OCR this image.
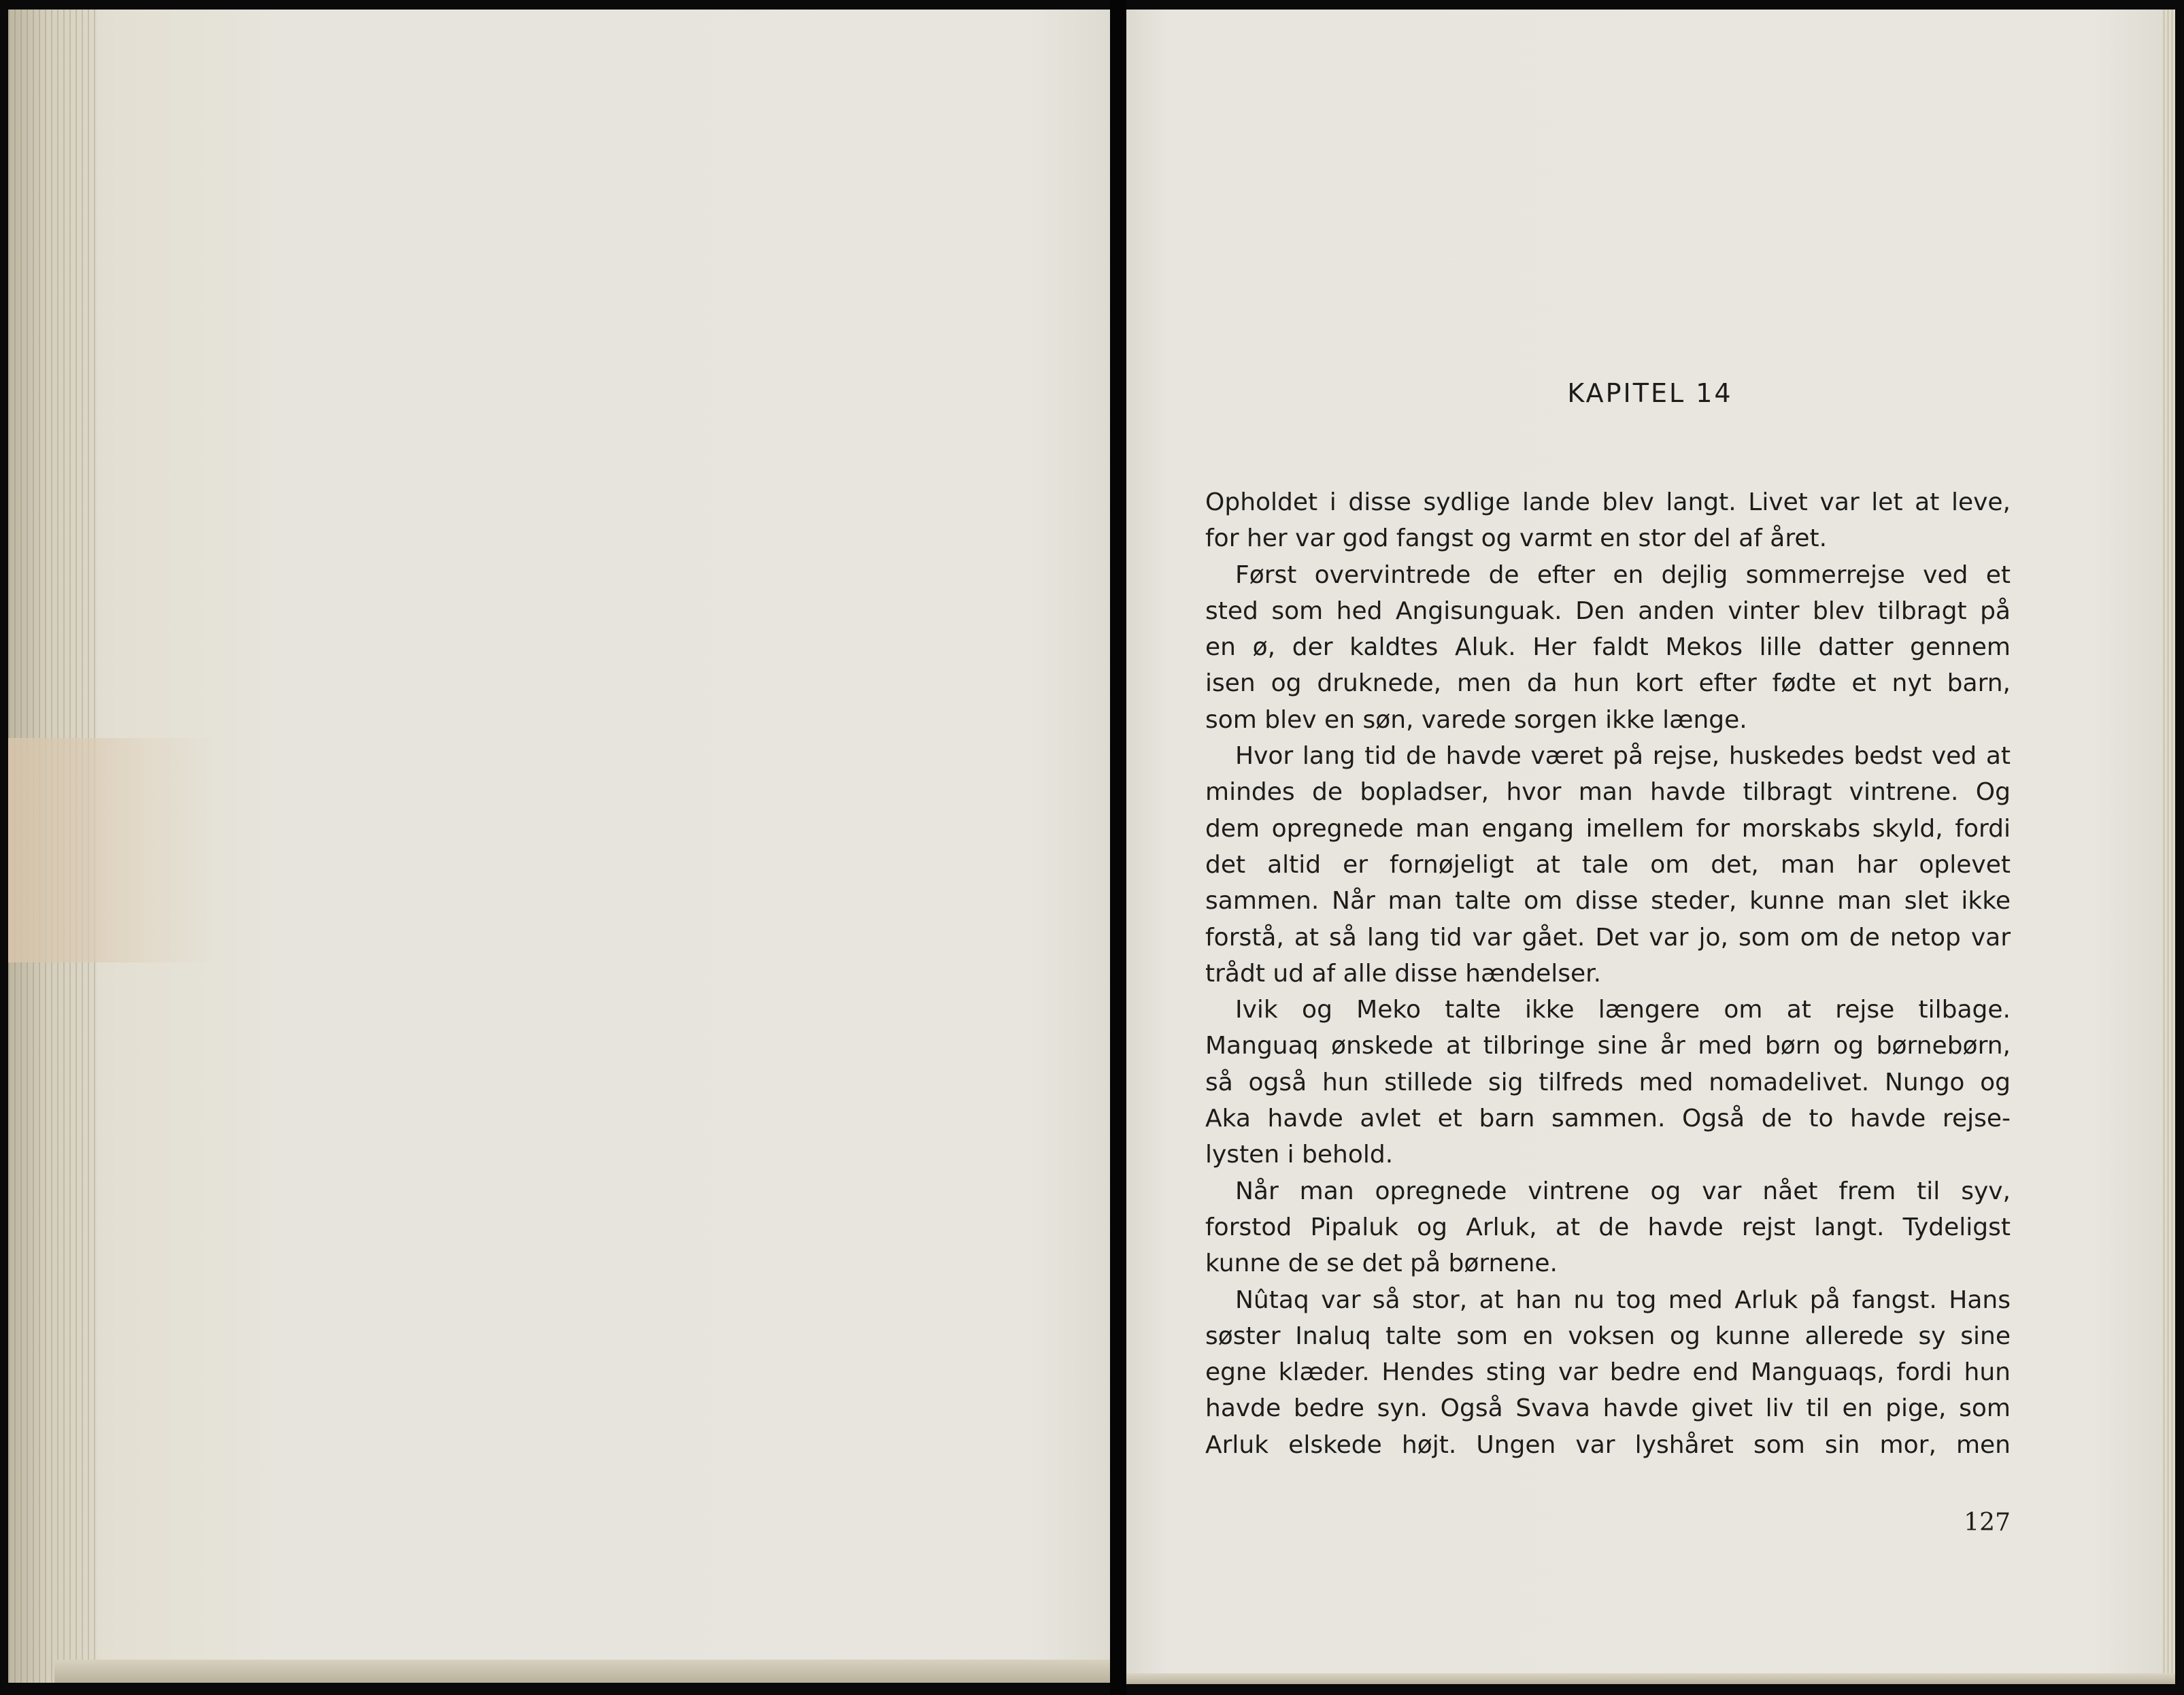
KAPITEL 14
Opholdet i disse sydlige lande blev langt. Livet var let at leve,
for her var god fangst og varmt en stor del af året.
Først overvintrede de efter en dejlig sommerrejse ved et
sted som hed Angisunguak. Den anden vinter blev tilbragt på
en ø, der kaldtes Aluk. Her faldt Mekos lille datter gennem
isen og druknede, men da hun kort efter fødte et nyt barn,
som blev en søn, varede sorgen ikke længe.
Hvor lang tid de havde været på rejse, huskedes bedst ved at
mindes de bopladser, hvor man havde tilbragt vintrene. Og
dem opregnede man engang imellem for morskabs skyld, fordi
det altid er fornøjeligt at tale om det, man har oplevet
sammen. Når man talte om disse steder, kunne man slet ikke
forstå, at så lang tid var gået. Det var jo, som om de netop var
trådt ud af alle disse hændelser.
Ivik og Meko talte ikke længere om at rejse tilbage.
Manguaq ønskede at tilbringe sine år med børn og børnebørn,
så også hun stillede sig tilfreds med nomadelivet. Nungo og
Aka havde avlet et barn sammen. Også de to havde rejse-
lysten i behold.
Når man opregnede vintrene og var nået frem til syv,
forstod Pipaluk og Arluk, at de havde rejst langt. Tydeligst
kunne de se det på børnene.
Nûtaq var så stor, at han nu tog med Arluk på fangst. Hans
søster Inaluq talte som en voksen og kunne allerede sy sine
egne klæder. Hendes sting var bedre end Manguaqs, fordi hun
havde bedre syn. Også Svava havde givet liv til en pige, som
Arluk elskede højt. Ungen var lyshåret som sin mor, men
127
